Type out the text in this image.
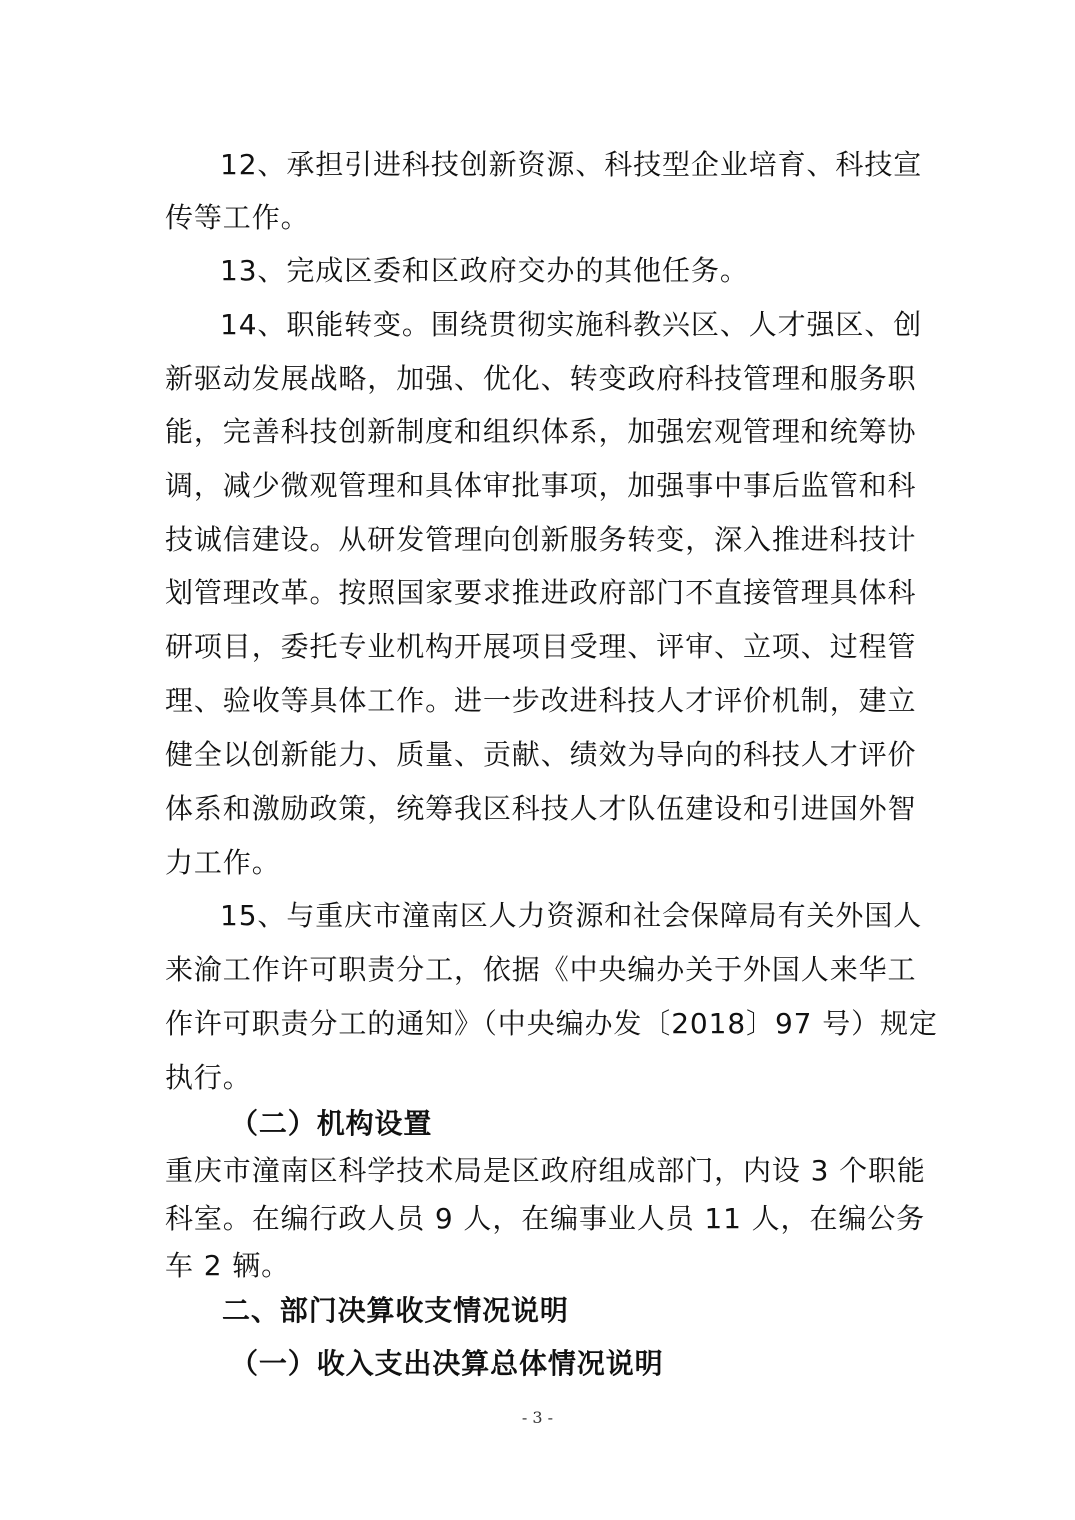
12、承担引进科技创新资源、科技型企业培育、科技宣
传等工作。
13、完成区委和区政府交办的其他任务。
14、职能转变。围绕贯彻实施科教兴区、人才强区、创
新驱动发展战略，加强、优化、转变政府科技管理和服务职
能，完善科技创新制度和组织体系，加强宏观管理和统筹协
调，减少微观管理和具体审批事项，加强事中事后监管和科
技诚信建设。从研发管理向创新服务转变，深入推进科技计
划管理改革。按照国家要求推进政府部门不直接管理具体科
研项目，委托专业机构开展项目受理、评审、立项、过程管
理、验收等具体工作。进一步改进科技人才评价机制，建立
健全以创新能力、质量、贡献、绩效为导向的科技人才评价
体系和激励政策，统筹我区科技人才队伍建设和引进国外智
力工作。
15、与重庆市潼南区人力资源和社会保障局有关外国人
来渝工作许可职责分工，依据《中央编办关于外国人来华工
作许可职责分工的通知》（中央编办发〔2018〕97 号）规定
执行。
（二）机构设置
重庆市潼南区科学技术局是区政府组成部门，内设 3 个职能
科室。在编行政人员 9 人，在编事业人员 11 人，在编公务
车 2 辆。
二、部门决算收支情况说明
（一）收入支出决算总体情况说明
- 3 -
